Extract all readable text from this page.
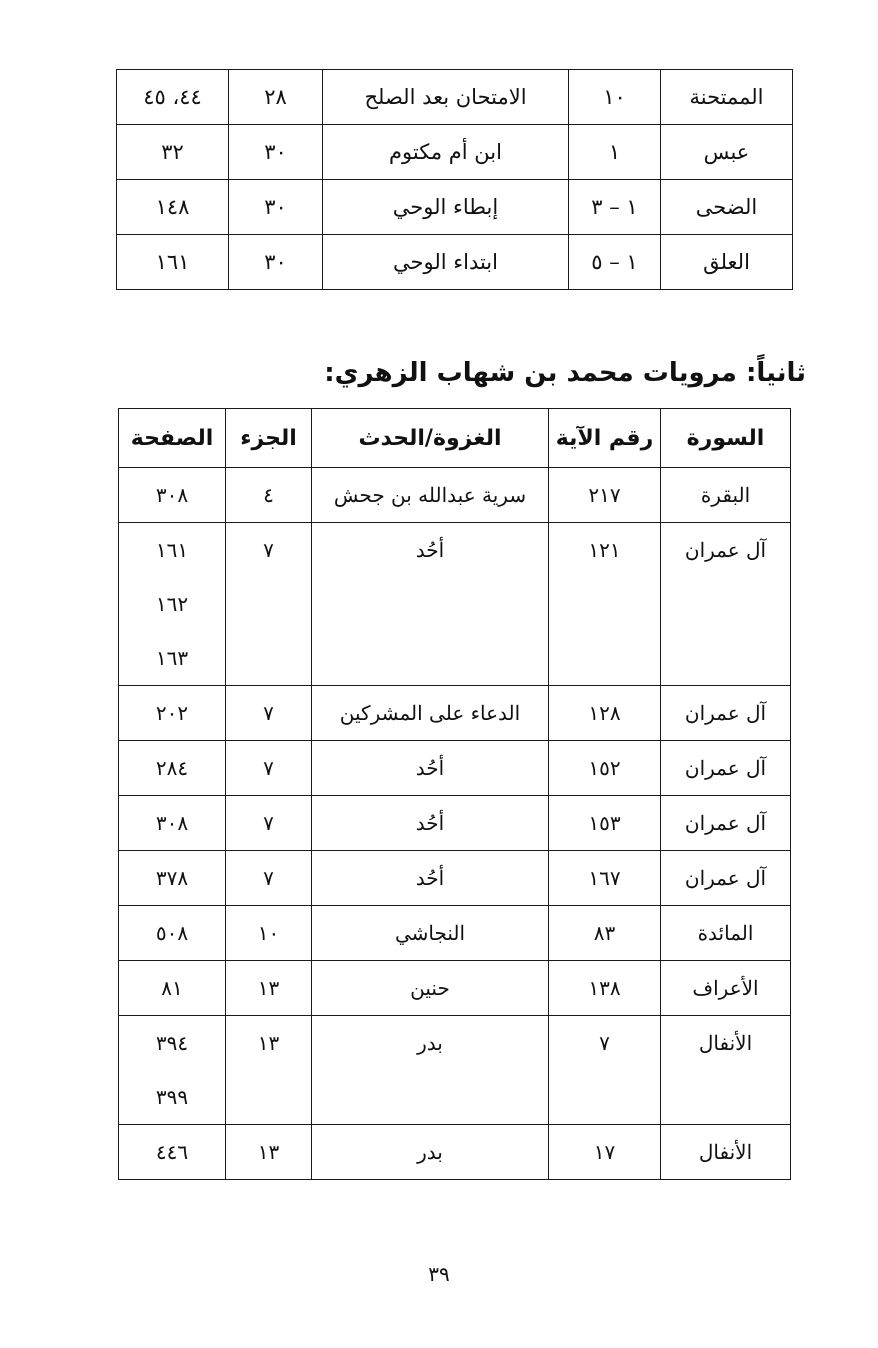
الممتحنة	١٠	الامتحان بعد الصلح	٢٨	٤٤، ٤٥
عبس	١	ابن أم مكتوم	٣٠	٣٢
الضحى	١ – ٣	إبطاء الوحي	٣٠	١٤٨
العلق	١ – ٥	ابتداء الوحي	٣٠	١٦١
ثانياً: مرويات محمد بن شهاب الزهري:
السورة	رقم الآية	الغزوة/الحدث	الجزء	الصفحة

البقرة	٢١٧	سرية عبدالله بن جحش	٤	٣٠٨

آل عمران	١٢١	أحُد	٧	١٦١
١٦٢
١٦٣

آل عمران	١٢٨	الدعاء على المشركين	٧	٢٠٢

آل عمران	١٥٢	أحُد	٧	٢٨٤

آل عمران	١٥٣	أحُد	٧	٣٠٨

آل عمران	١٦٧	أحُد	٧	٣٧٨

المائدة	٨٣	النجاشي	١٠	٥٠٨

الأعراف	١٣٨	حنين	١٣	٨١

الأنفال	٧	بدر	١٣	٣٩٤
٣٩٩

الأنفال	١٧	بدر	١٣	٤٤٦
٣٩
